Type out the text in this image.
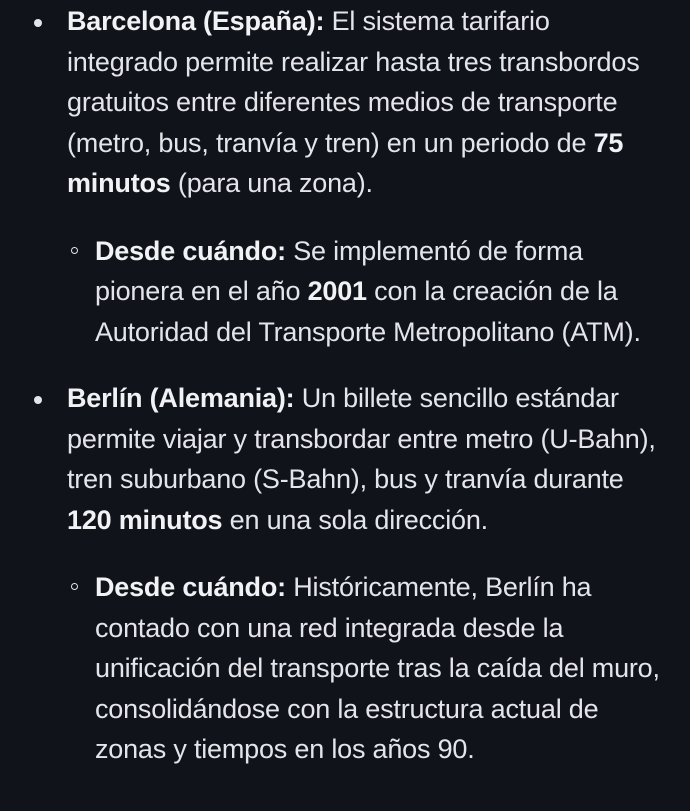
Barcelona (España): El sistema tarifario integrado permite realizar hasta tres transbordos gratuitos entre diferentes medios de transporte (metro, bus, tranvía y tren) en un periodo de 75 minutos (para una zona).
Desde cuándo: Se implementó de forma pionera en el año 2001 con la creación de la Autoridad del Transporte Metropolitano (ATM).
Berlín (Alemania): Un billete sencillo estándar permite viajar y transbordar entre metro (U-Bahn), tren suburbano (S-Bahn), bus y tranvía durante 120 minutos en una sola dirección.
Desde cuándo: Históricamente, Berlín ha contado con una red integrada desde la unificación del transporte tras la caída del muro, consolidándose con la estructura actual de zonas y tiempos en los años 90.
